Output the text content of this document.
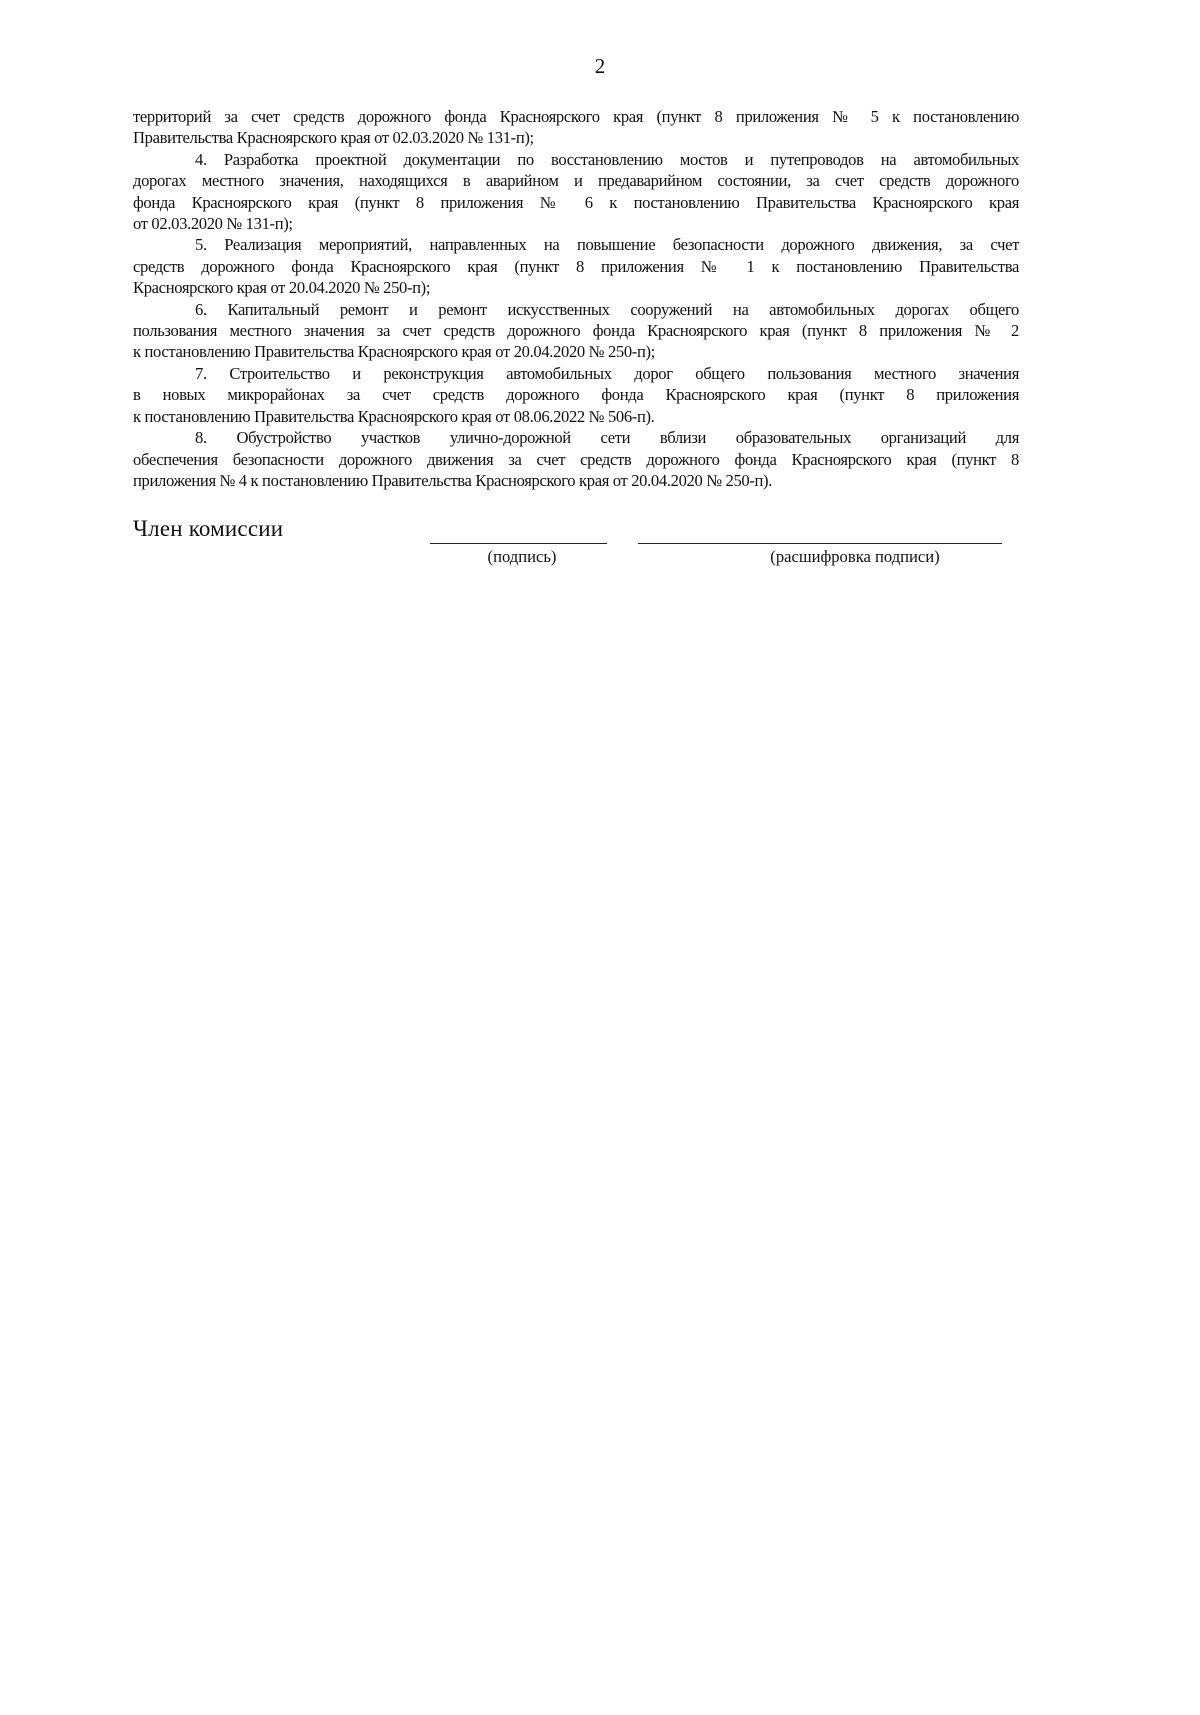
2
территорий за счет средств дорожного фонда Красноярского края (пункт 8 приложения № 5 к постановлению
Правительства Красноярского края от 02.03.2020 № 131-п);
4. Разработка проектной документации по восстановлению мостов и путепроводов на автомобильных
дорогах местного значения, находящихся в аварийном и предаварийном состоянии, за счет средств дорожного
фонда Красноярского края (пункт 8 приложения № 6 к постановлению Правительства Красноярского края
от 02.03.2020 № 131-п);
5. Реализация мероприятий, направленных на повышение безопасности дорожного движения, за счет
средств дорожного фонда Красноярского края (пункт 8 приложения № 1 к постановлению Правительства
Красноярского края от 20.04.2020 № 250-п);
6. Капитальный ремонт и ремонт искусственных сооружений на автомобильных дорогах общего
пользования местного значения за счет средств дорожного фонда Красноярского края (пункт 8 приложения № 2
к постановлению Правительства Красноярского края от 20.04.2020 № 250-п);
7. Строительство и реконструкция автомобильных дорог общего пользования местного значения
в новых микрорайонах за счет средств дорожного фонда Красноярского края (пункт 8 приложения
к постановлению Правительства Красноярского края от 08.06.2022 № 506-п).
8. Обустройство участков улично-дорожной сети вблизи образовательных организаций для
обеспечения безопасности дорожного движения за счет средств дорожного фонда Красноярского края (пункт 8
приложения № 4 к постановлению Правительства Красноярского края от 20.04.2020 № 250-п).
Член комиссии
(подпись)	(расшифровка подписи)
